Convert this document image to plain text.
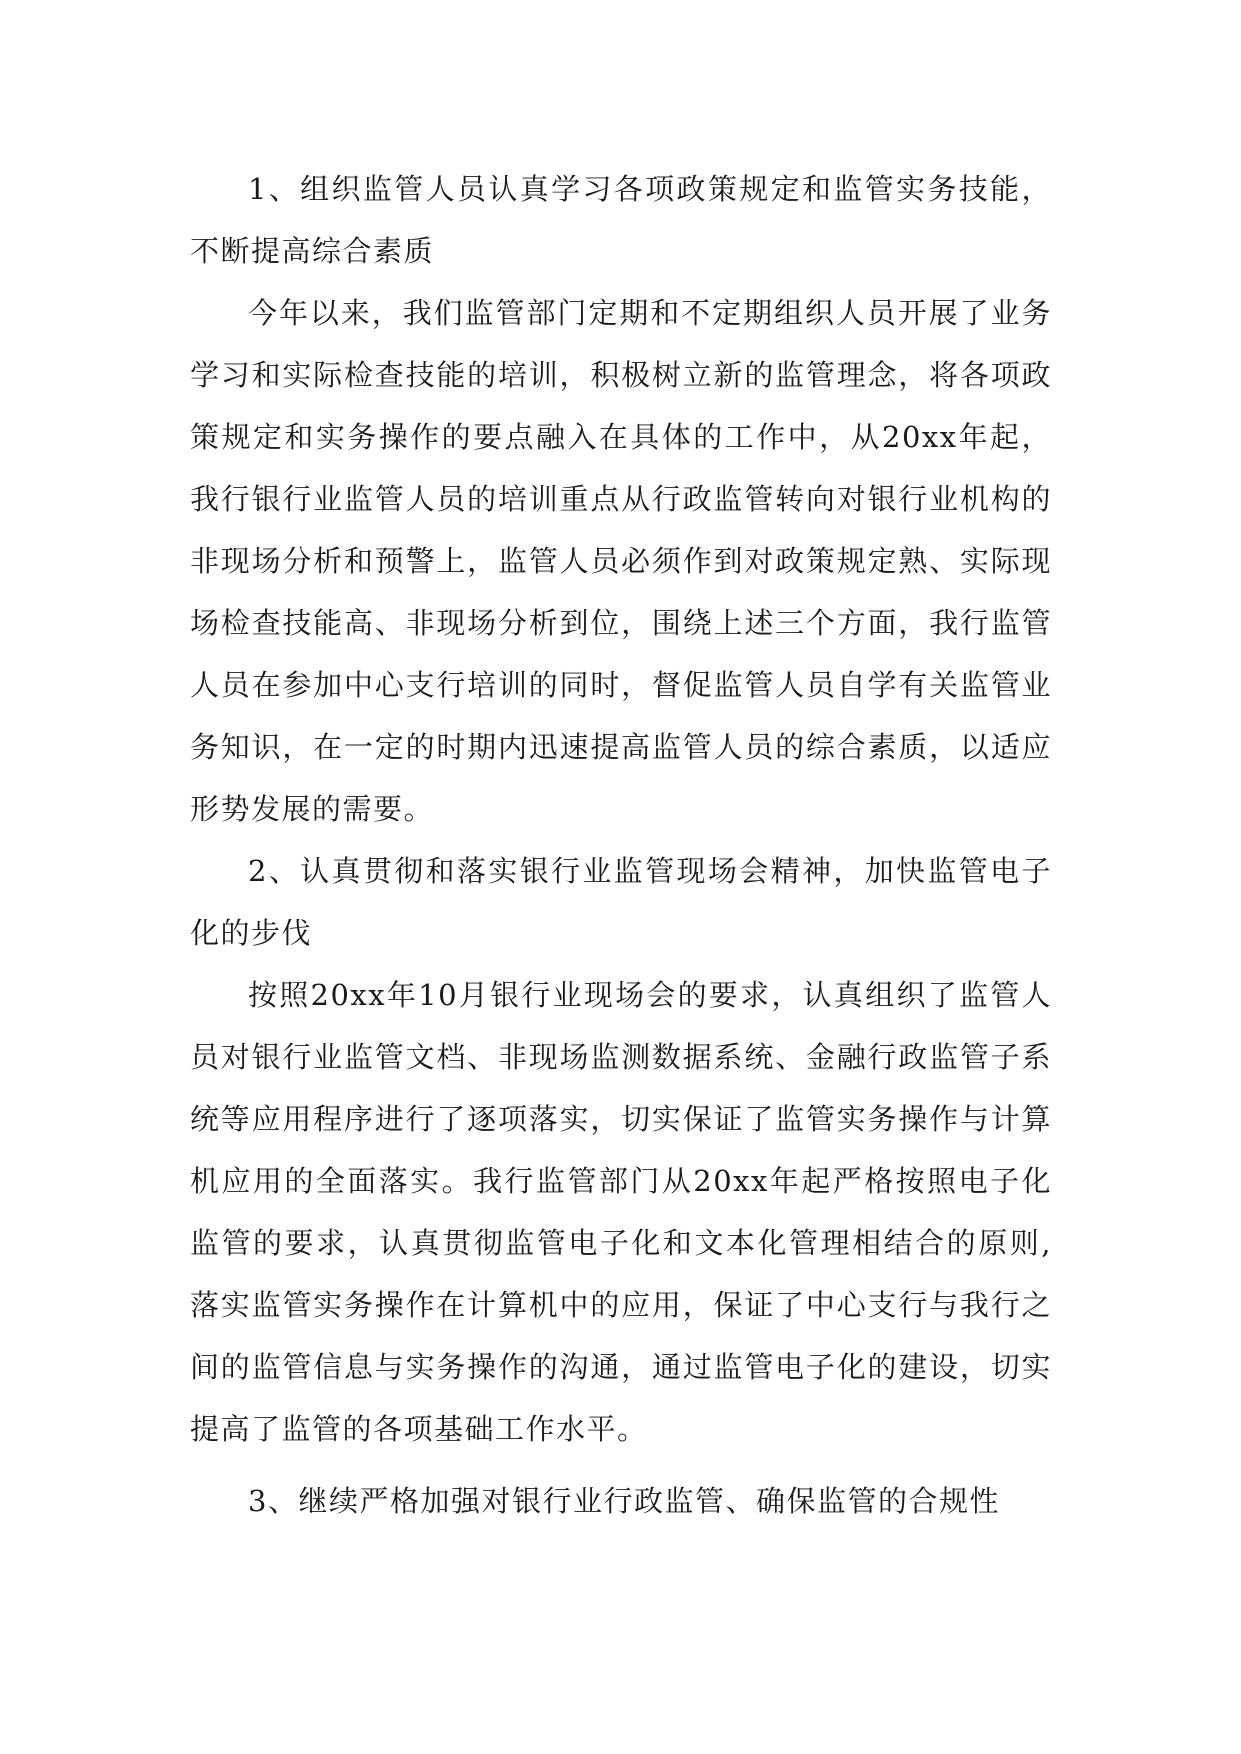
1、组织监管人员认真学习各项政策规定和监管实务技能，不断提高综合素质

今年以来，我们监管部门定期和不定期组织人员开展了业务学习和实际检查技能的培训，积极树立新的监管理念，将各项政策规定和实务操作的要点融入在具体的工作中，从20xx年起，我行银行业监管人员的培训重点从行政监管转向对银行业机构的非现场分析和预警上，监管人员必须作到对政策规定熟、实际现场检查技能高、非现场分析到位，围绕上述三个方面，我行监管人员在参加中心支行培训的同时，督促监管人员自学有关监管业务知识，在一定的时期内迅速提高监管人员的综合素质，以适应形势发展的需要。

2、认真贯彻和落实银行业监管现场会精神，加快监管电子化的步伐

按照20xx年10月银行业现场会的要求，认真组织了监管人员对银行业监管文档、非现场监测数据系统、金融行政监管子系统等应用程序进行了逐项落实，切实保证了监管实务操作与计算机应用的全面落实。我行监管部门从20xx年起严格按照电子化监管的要求，认真贯彻监管电子化和文本化管理相结合的原则,落实监管实务操作在计算机中的应用，保证了中心支行与我行之间的监管信息与实务操作的沟通，通过监管电子化的建设，切实提高了监管的各项基础工作水平。

3、继续严格加强对银行业行政监管、确保监管的合规性
